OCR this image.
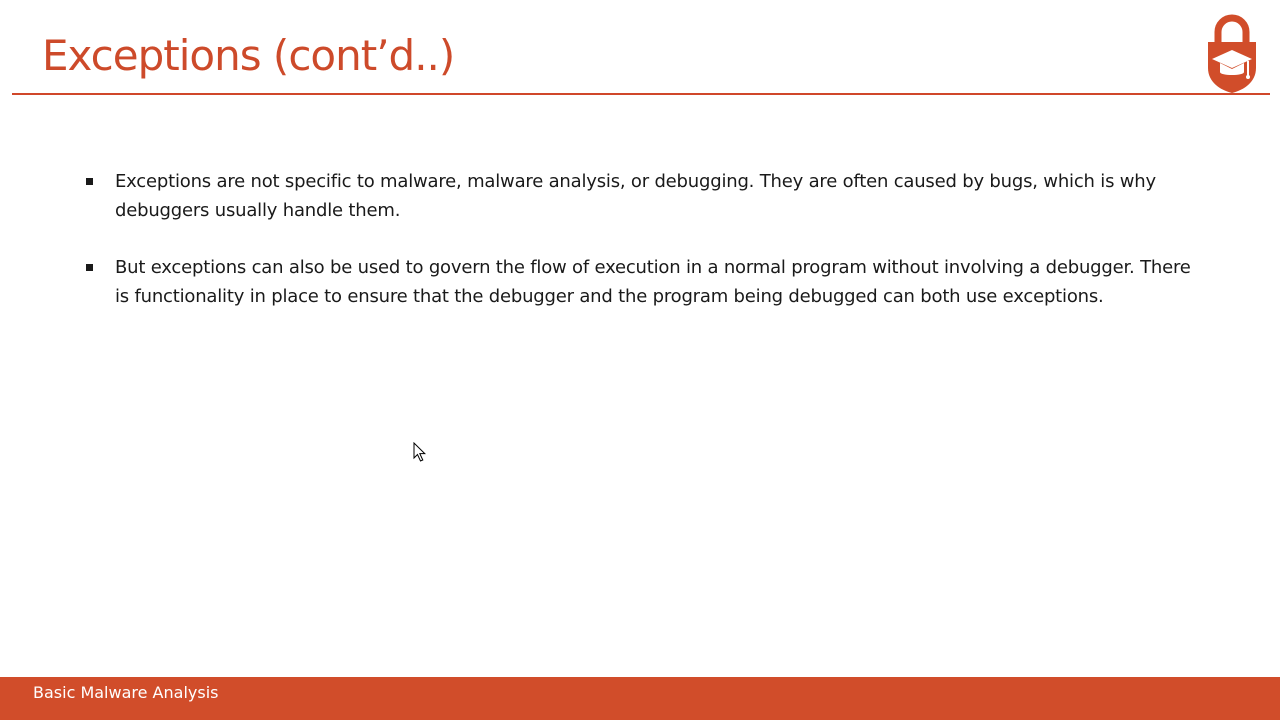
Exceptions (cont’d..)
Exceptions are not specific to malware, malware analysis, or debugging. They are often caused by bugs, which is why debuggers usually handle them.
But exceptions can also be used to govern the flow of execution in a normal program without involving a debugger. There is functionality in place to ensure that the debugger and the program being debugged can both use exceptions.
Basic Malware Analysis
